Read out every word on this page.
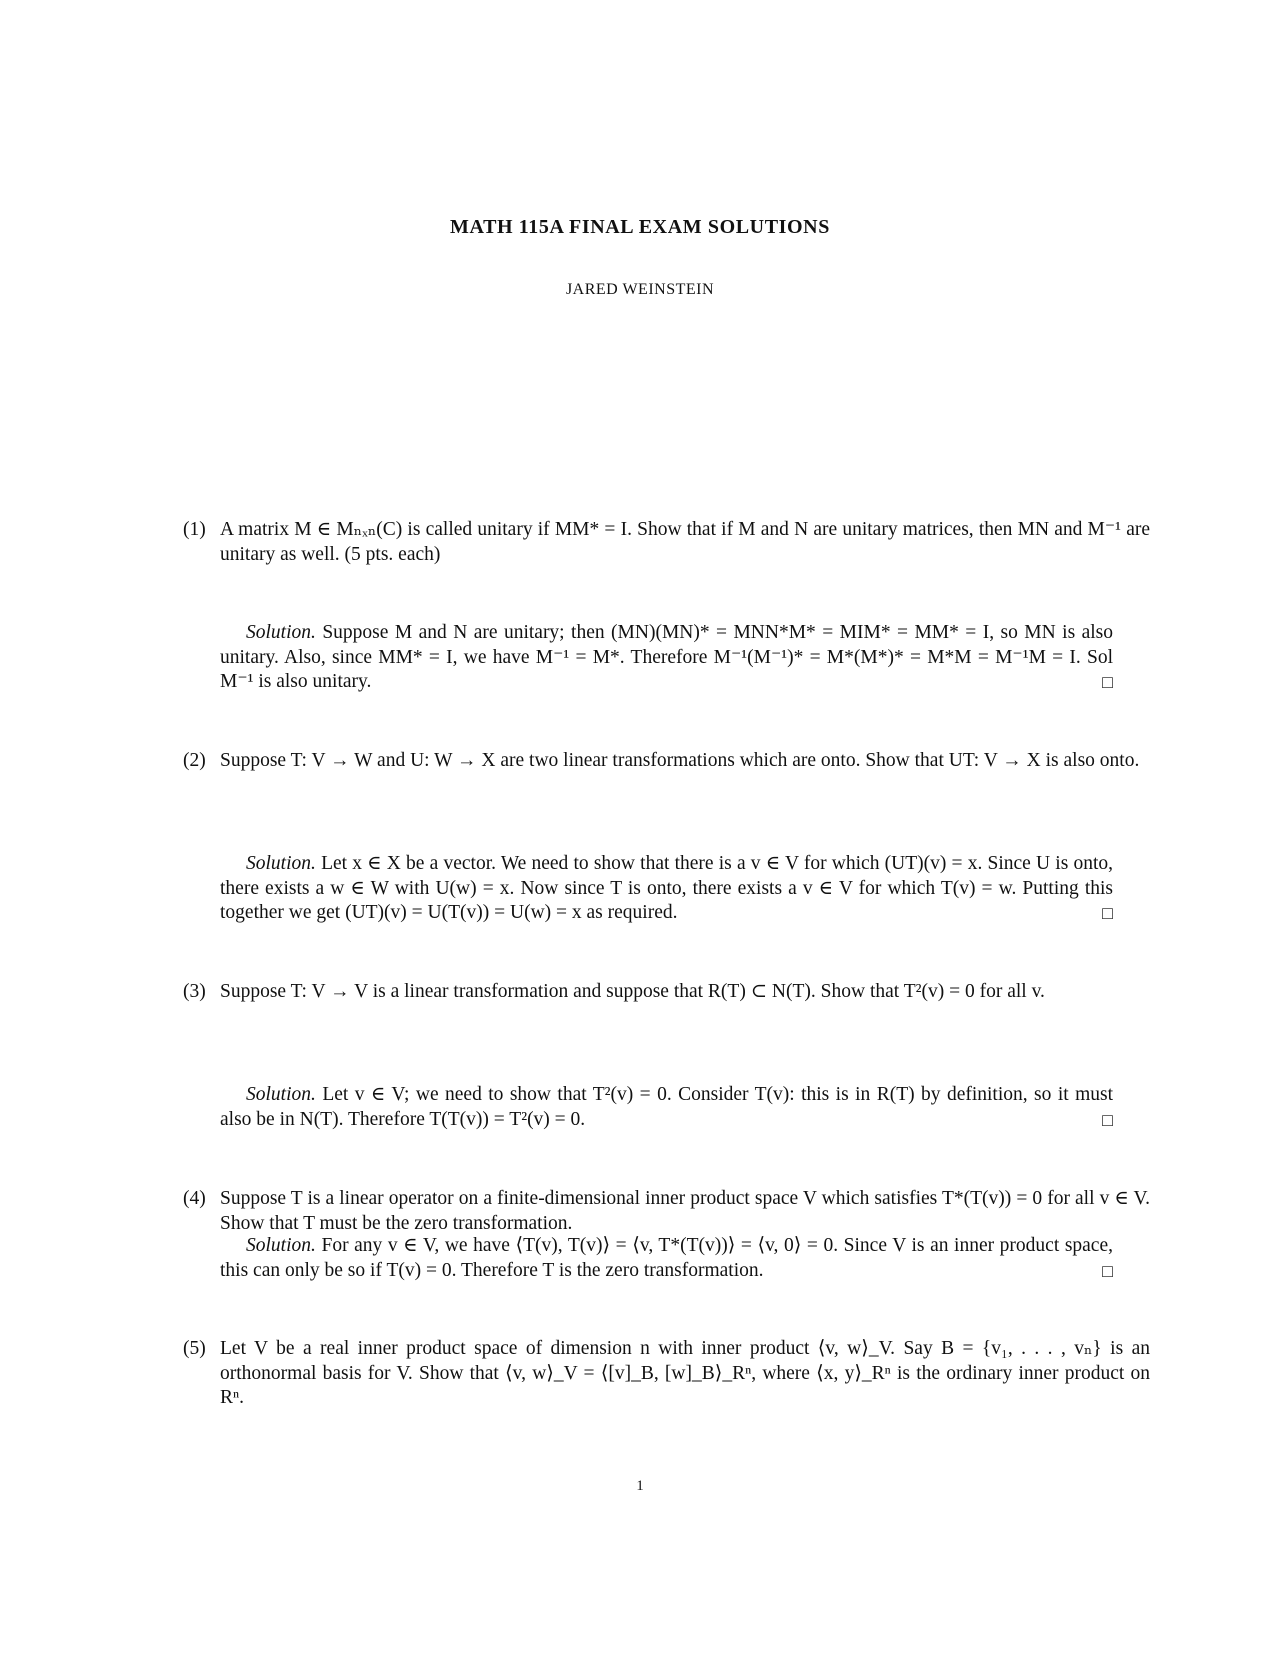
MATH 115A FINAL EXAM SOLUTIONS

JARED WEINSTEIN

(1) A matrix M ∈ Mₙₓₙ(C) is called unitary if MM* = I. Show that if M and N are unitary matrices, then MN and M⁻¹ are unitary as well. (5 pts. each)

Solution. Suppose M and N are unitary; then (MN)(MN)* = MNN*M* = MIM* = MM* = I, so MN is also unitary. Also, since MM* = I, we have M⁻¹ = M*. Therefore M⁻¹(M⁻¹)* = M*(M*)* = M*M = M⁻¹M = I. Sol M⁻¹ is also unitary.	□

(2) Suppose T: V → W and U: W → X are two linear transformations which are onto. Show that UT: V → X is also onto.

Solution. Let x ∈ X be a vector. We need to show that there is a v ∈ V for which (UT)(v) = x. Since U is onto, there exists a w ∈ W with U(w) = x. Now since T is onto, there exists a v ∈ V for which T(v) = w. Putting this together we get (UT)(v) = U(T(v)) = U(w) = x as required.	□

(3) Suppose T: V → V is a linear transformation and suppose that R(T) ⊂ N(T). Show that T²(v) = 0 for all v.

Solution. Let v ∈ V; we need to show that T²(v) = 0. Consider T(v): this is in R(T) by definition, so it must also be in N(T). Therefore T(T(v)) = T²(v) = 0.	□

(4) Suppose T is a linear operator on a finite-dimensional inner product space V which satisfies T*(T(v)) = 0 for all v ∈ V. Show that T must be the zero transformation.

Solution. For any v ∈ V, we have ⟨T(v), T(v)⟩ = ⟨v, T*(T(v))⟩ = ⟨v, 0⟩ = 0. Since V is an inner product space, this can only be so if T(v) = 0. Therefore T is the zero transformation.	□

(5) Let V be a real inner product space of dimension n with inner product ⟨v, w⟩_V. Say B = {v₁, . . . , vₙ} is an orthonormal basis for V. Show that ⟨v, w⟩_V = ⟨[v]_B, [w]_B⟩_Rⁿ, where ⟨x, y⟩_Rⁿ is the ordinary inner product on Rⁿ.

1
